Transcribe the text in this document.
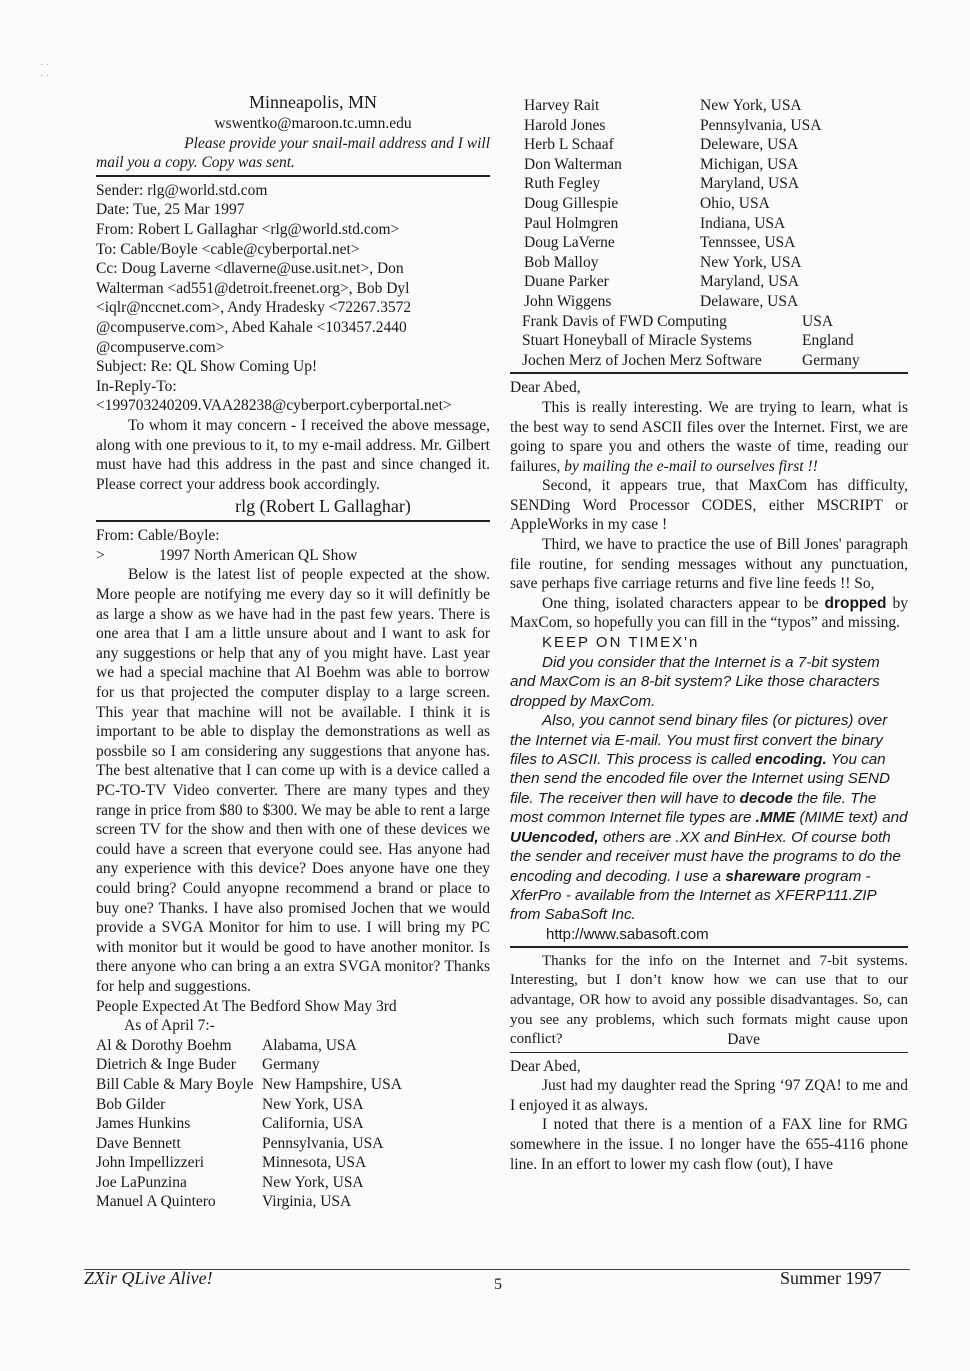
· ·
· ·

Minneapolis, MN

wswentko@maroon.tc.umn.edu

Please provide your snail-mail address and I will

mail you a copy. Copy was sent.

Sender: rlg@world.std.com

Date: Tue, 25 Mar 1997

From: Robert L Gallaghar <rlg@world.std.com>

To: Cable/Boyle <cable@cyberportal.net>

Cc: Doug Laverne <dlaverne@use.usit.net>, Don

Walterman <ad551@detroit.freenet.org>, Bob Dyl

<iqlr@nccnet.com>, Andy Hradesky <72267.3572

@compuserve.com>, Abed Kahale <103457.2440

@compuserve.com>

Subject: Re: QL Show Coming Up!

In-Reply-To:

<199703240209.VAA28238@cyberport.cyberportal.net>

To whom it may concern - I received the above message, along with one previous to it, to my e-mail address. Mr. Gilbert must have had this address in the past and since changed it. Please correct your address book accordingly.

rlg (Robert L Gallaghar)

From: Cable/Boyle:

>              1997 North American QL Show

Below is the latest list of people expected at the show. More people are notifying me every day so it will definitly be as large a show as we have had in the past few years. There is one area that I am a little unsure about and I want to ask for any suggestions or help that any of you might have. Last year we had a special machine that Al Boehm was able to borrow for us that projected the computer display to a large screen. This year that machine will not be available. I think it is important to be able to display the demonstrations as well as possbile so I am considering any suggestions that anyone has. The best altenative that I can come up with is a device called a PC-TO-TV Video converter. There are many types and they range in price from $80 to $300. We may be able to rent a large screen TV for the show and then with one of these devices we could have a screen that everyone could see. Has anyone had any experience with this device? Does anyone have one they could bring? Could anyopne recommend a brand or place to buy one? Thanks. I have also promised Jochen that we would provide a SVGA Monitor for him to use. I will bring my PC with monitor but it would be good to have another monitor. Is there anyone who can bring a an extra SVGA monitor? Thanks for help and suggestions.

People Expected At The Bedford Show May 3rd

As of April 7:-

Al & Dorothy Boehm	Alabama, USA
Dietrich & Inge Buder	Germany
Bill Cable & Mary Boyle	New Hampshire, USA
Bob Gilder	New York, USA
James Hunkins	California, USA
Dave Bennett	Pennsylvania, USA
John Impellizzeri	Minnesota, USA
Joe LaPunzina	New York, USA
Manuel A Quintero	Virginia, USA
Harvey Rait	New York, USA
Harold Jones	Pennsylvania, USA
Herb L Schaaf	Deleware, USA
Don Walterman	Michigan, USA
Ruth Fegley	Maryland, USA
Doug Gillespie	Ohio, USA
Paul Holmgren	Indiana, USA
Doug LaVerne	Tennssee, USA
Bob Malloy	New York, USA
Duane Parker	Maryland, USA
John Wiggens	Delaware, USA
Frank Davis of FWD Computing	USA
Stuart Honeyball of Miracle Systems	England
Jochen Merz of Jochen Merz Software	Germany

Dear Abed,

This is really interesting. We are trying to learn, what is the best way to send ASCII files over the Internet. First, we are going to spare you and others the waste of time, reading our failures, by mailing the e-mail to ourselves first !!

Second, it appears true, that MaxCom has difficulty, SENDing Word Processor CODES, either MSCRIPT or AppleWorks in my case !

Third, we have to practice the use of Bill Jones' paragraph file routine, for sending messages without any punctuation, save perhaps five carriage returns and five line feeds !! So,

One thing, isolated characters appear to be dropped by MaxCom, so hopefully you can fill in the “typos” and missing.

KEEP ON TIMEX'n

Did you consider that the Internet is a 7-bit system and MaxCom is an 8-bit system? Like those characters dropped by MaxCom.

Also, you cannot send binary files (or pictures) over the Internet via E-mail. You must first convert the binary files to ASCII. This process is called encoding. You can then send the encoded file over the Internet using SEND file. The receiver then will have to decode the file. The most common Internet file types are .MME (MIME text) and UUencoded, others are .XX and BinHex. Of course both the sender and receiver must have the programs to do the encoding and decoding. I use a shareware program - XferPro - available from the Internet as XFERP111.ZIP from SabaSoft Inc.

http://www.sabasoft.com

Thanks for the info on the Internet and 7-bit systems. Interesting, but I don’t know how we can use that to our advantage, OR how to avoid any possible disadvantages. So, can you see any problems, which such formats might cause upon conflict?	Dave

Dear Abed,

Just had my daughter read the Spring ‘97 ZQA! to me and I enjoyed it as always.

I noted that there is a mention of a FAX line for RMG somewhere in the issue. I no longer have the 655-4116 phone line. In an effort to lower my cash flow (out), I have

ZXir QLive Alive!	5	Summer 1997
